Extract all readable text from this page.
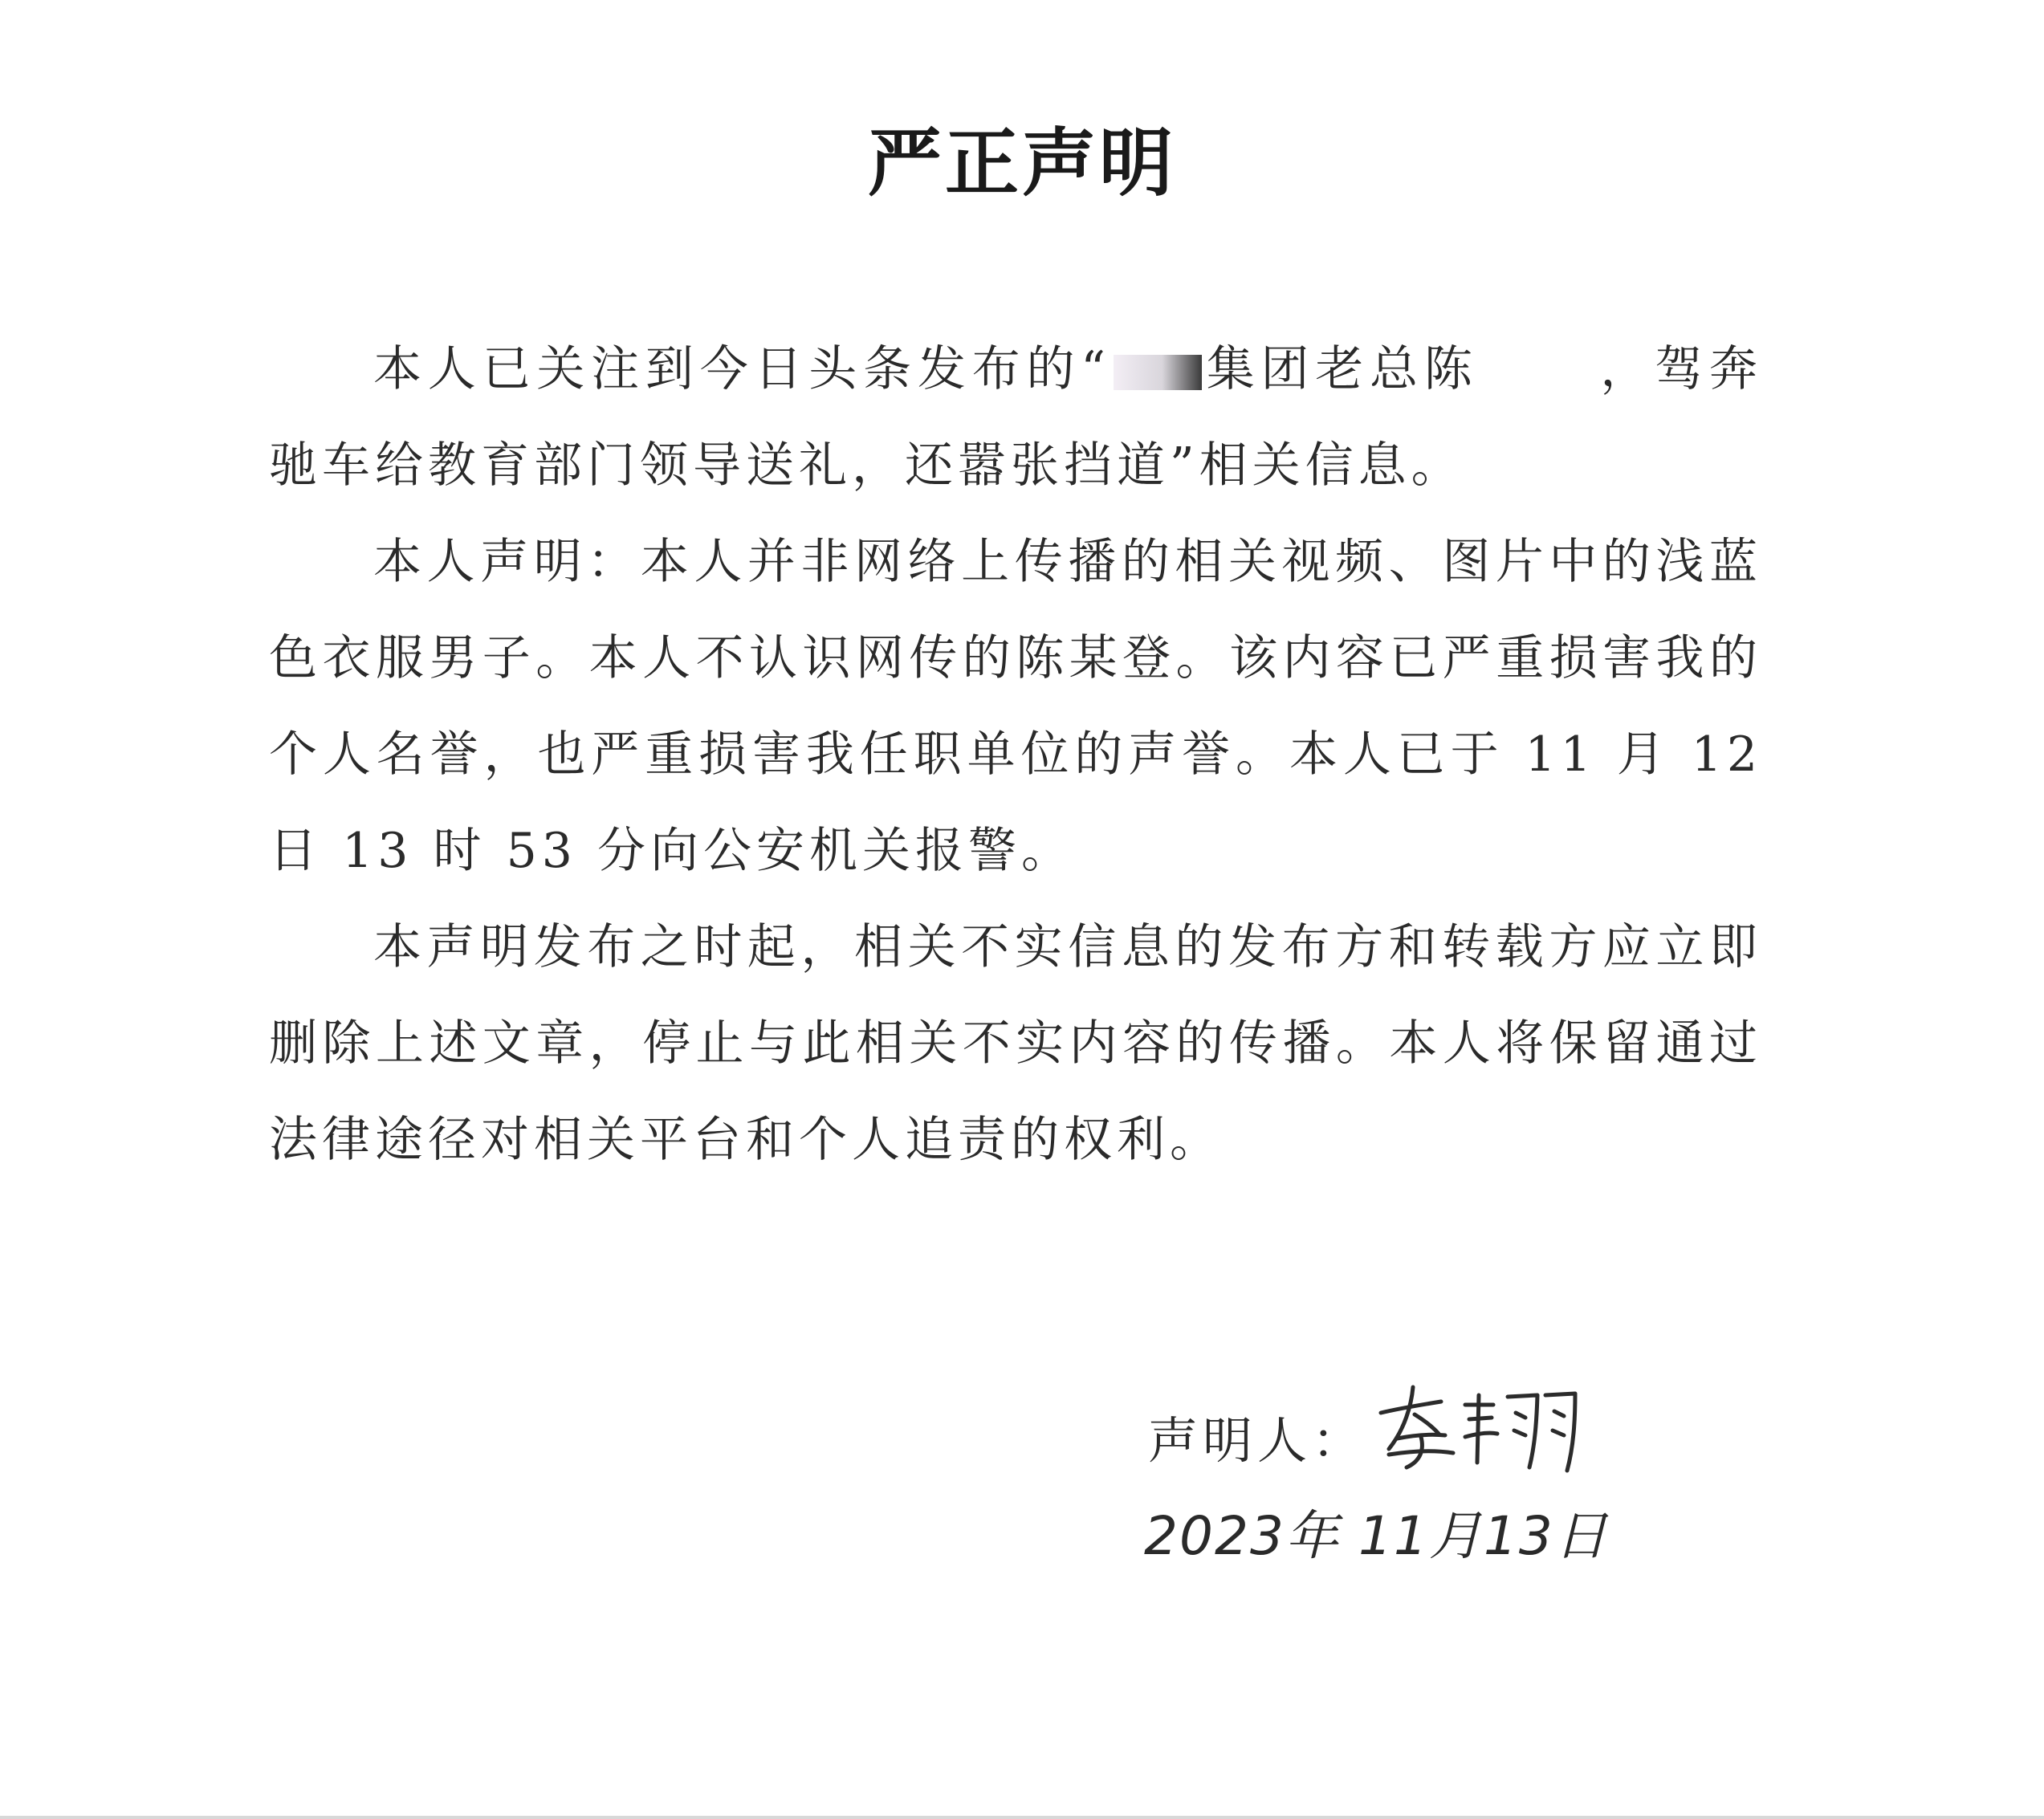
严正声明

本人已关注到今日头条发布的“ 集团老总陈	，驾奔驰车给教育部门领导送礼，还嚣张挡道”相关信息。

本人声明：本人并非网络上传播的相关视频、图片中的浅蓝色衣服男子。本人不认识网传的陈某登。该内容已严重损害我的个人名誉，也严重损害我任职单位的声誉。本人已于 11 月 12 日 13 时 53 分向公安机关报警。

本声明发布之时起，相关不实信息的发布方和转载方应立即删除上述文章，停止与此相关不实内容的传播。本人将保留通过法律途径对相关平台和个人追责的权利。

声明人：
2023年 11月13日
